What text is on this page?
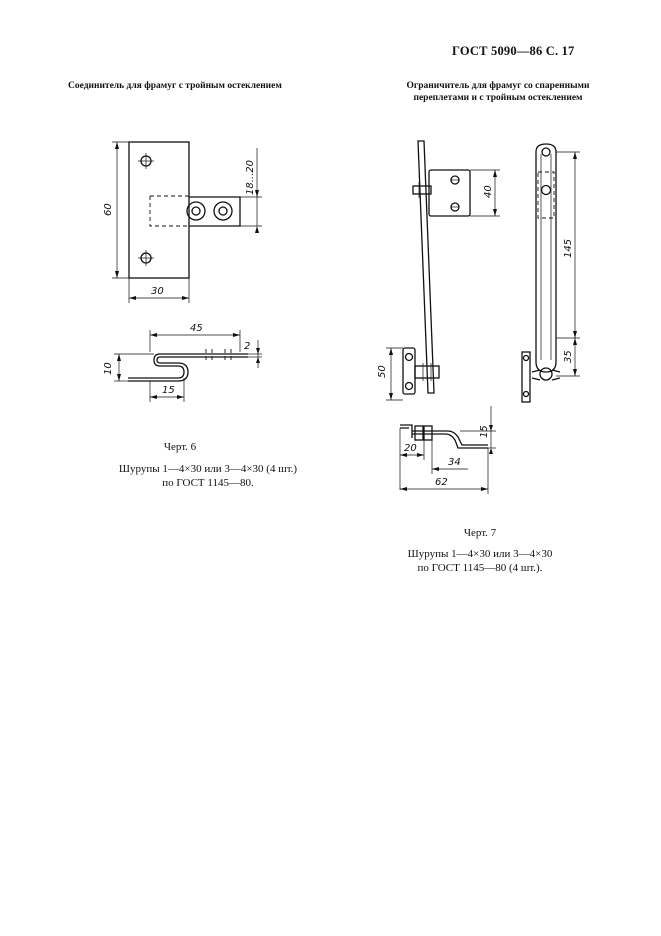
ГОСТ 5090—86 С. 17
Соединитель для фрамуг с тройным остеклением	Ограничитель для фрамуг со спаренными
переплетами и с тройным остеклением
60
18...20
30
45
2
10
15
Черт. 6
Шурупы 1—4×30 или 3—4×30 (4 шт.)
по ГОСТ 1145—80.
40
50
145
35
15
20
34
62
Черт. 7
Шурупы 1—4×30 или 3—4×30
по ГОСТ 1145—80 (4 шт.).
